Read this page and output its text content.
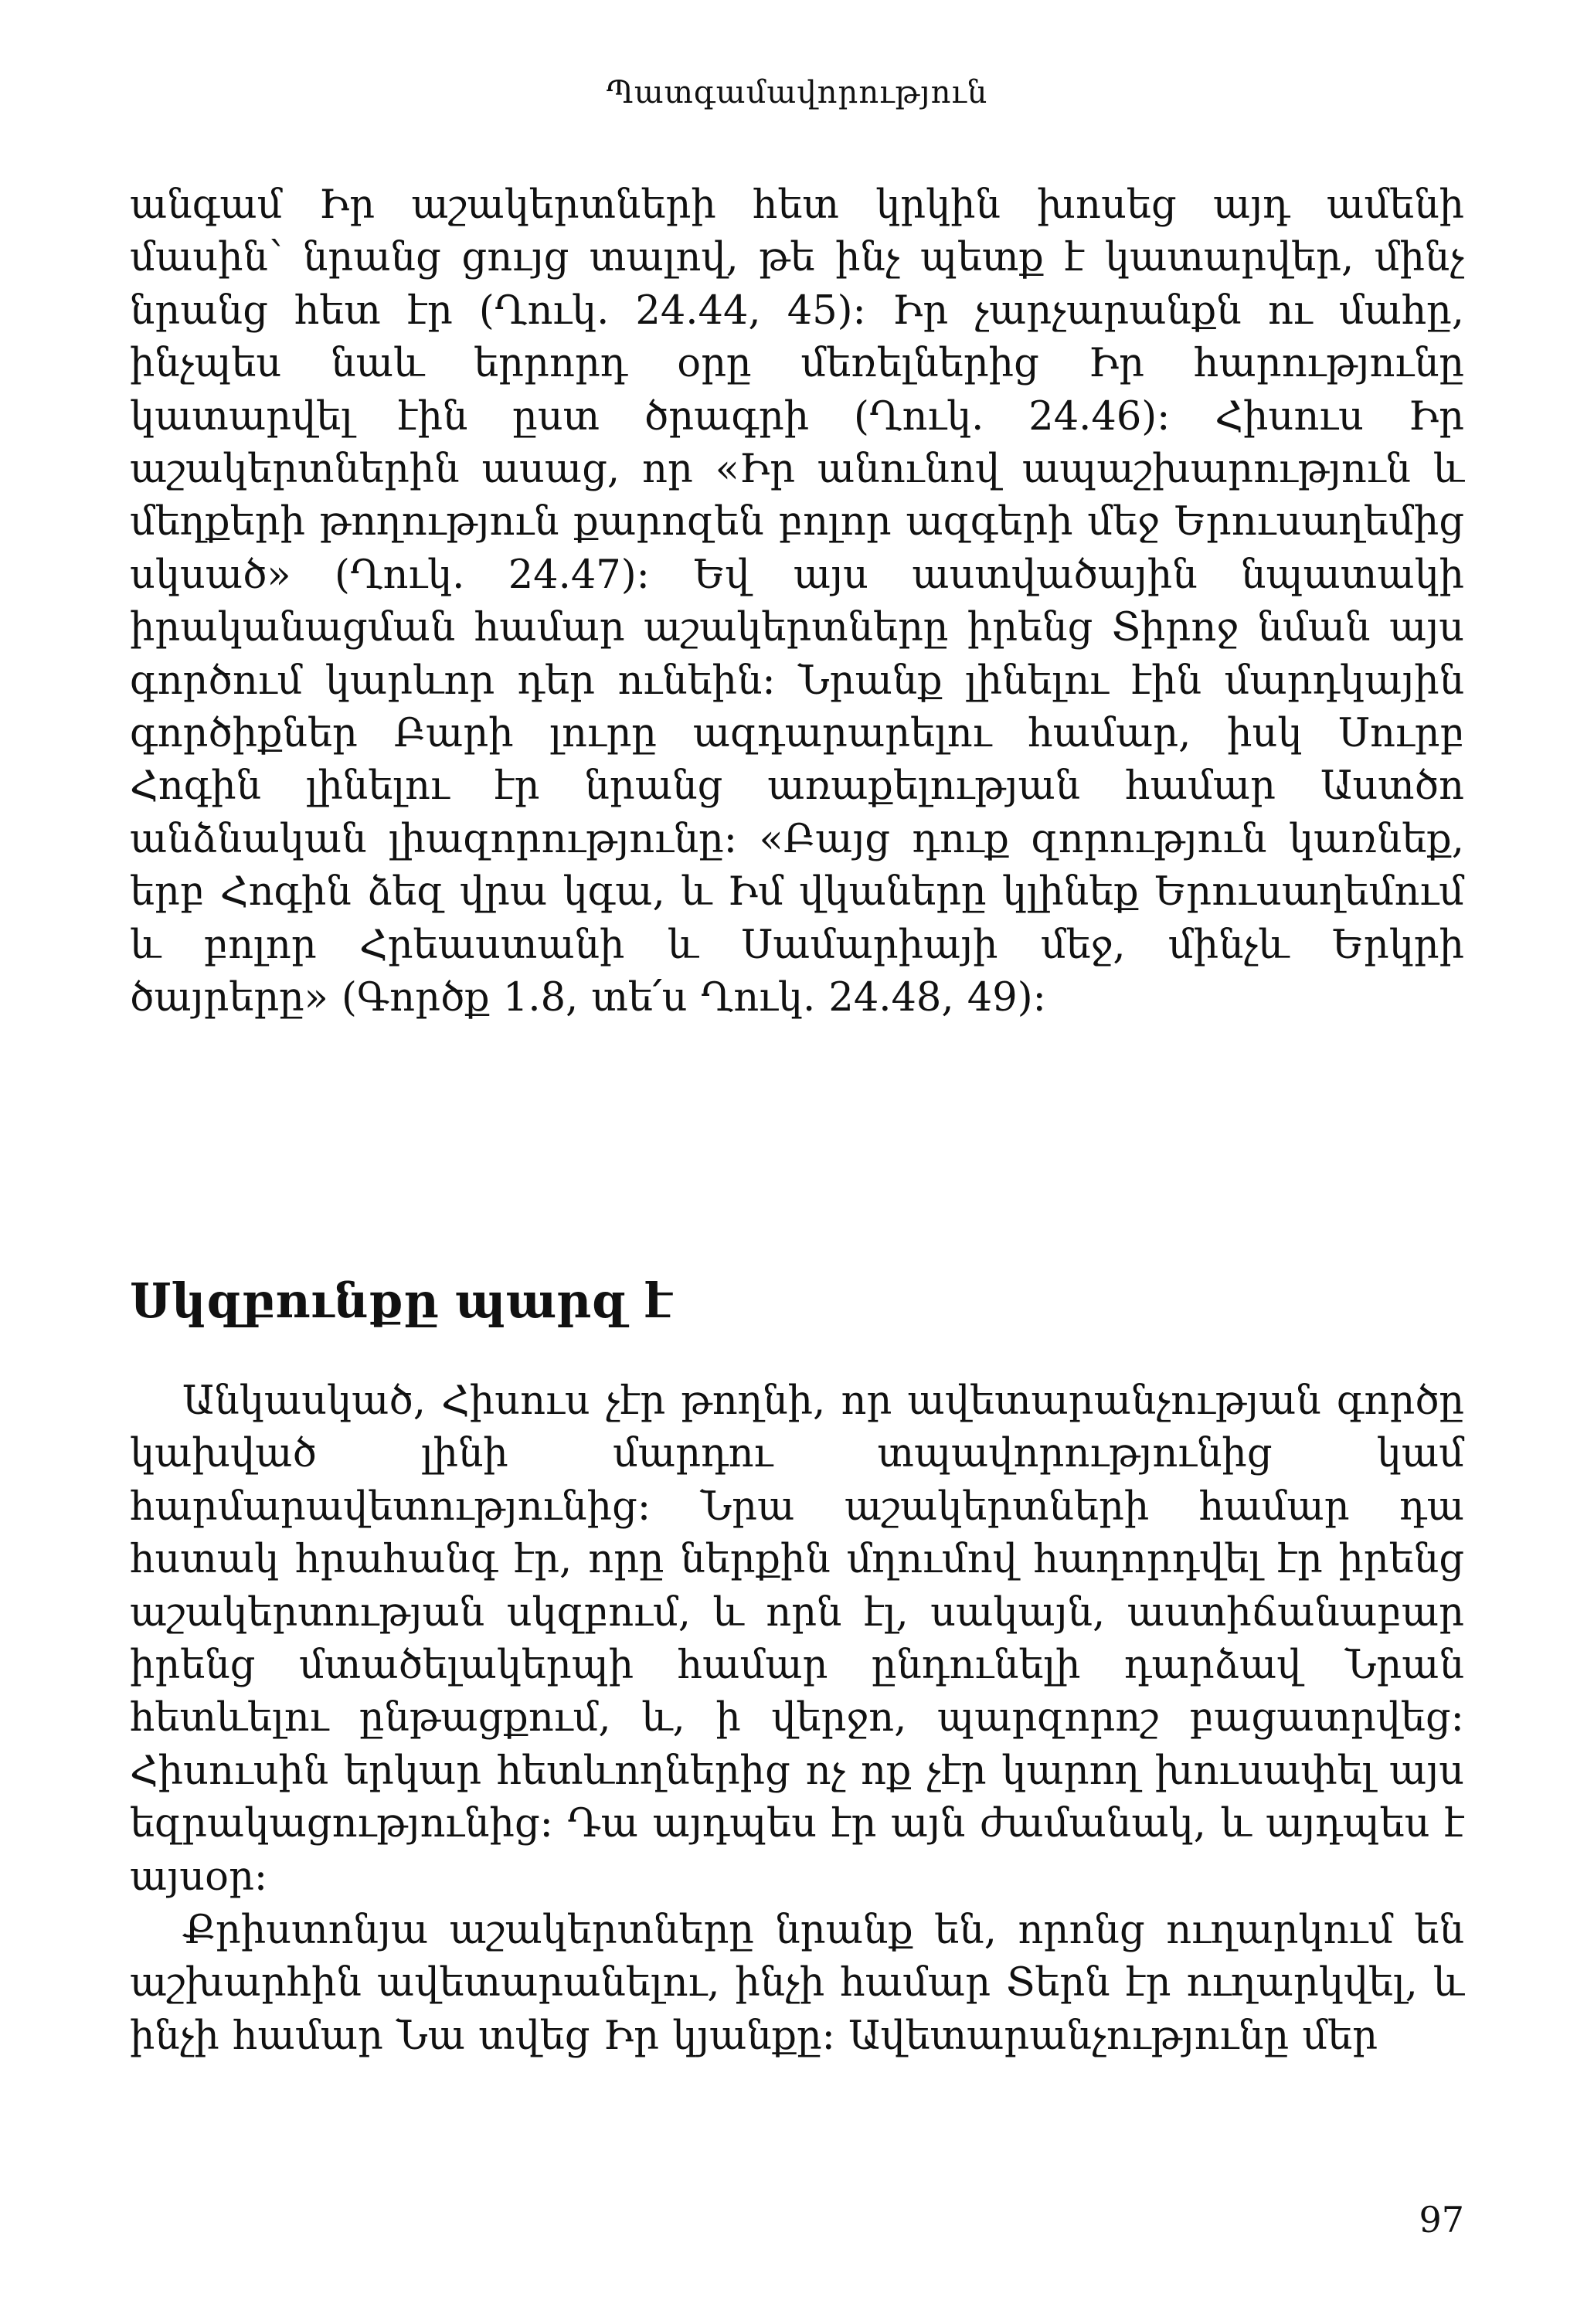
Պատգամավորություն

անգամ Իր աշակերտների հետ կրկին խոսեց այդ ամենի մասին՝ նրանց ցույց տալով, թե ինչ պետք է կատարվեր, մինչ նրանց հետ էր (Ղուկ. 24.44, 45)։ Իր չարչարանքն ու մահը, ինչպես նաև երրորդ օրը մեռելներից Իր հարությունը կատարվել էին ըստ ծրագրի (Ղուկ. 24.46)։ Հիսուս Իր աշակերտներին ասաց, որ «Իր անունով ապաշխարություն և մեղքերի թողություն քարոզեն բոլոր ազգերի մեջ Երուսաղեմից սկսած» (Ղուկ. 24.47)։ Եվ այս աստվածային նպատակի իրականացման համար աշակերտները իրենց Տիրոջ նման այս գործում կարևոր դեր ունեին։ Նրանք լինելու էին մարդկային գործիքներ Բարի լուրը ազդարարելու համար, իսկ Սուրբ Հոգին լինելու էր նրանց առաքելության համար Աստծո անձնական լիազորությունը։ «Բայց դուք զորություն կառնեք, երբ Հոգին ձեզ վրա կգա, և Իմ վկաները կլինեք Երուսաղեմում և բոլոր Հրեաստանի և Սամարիայի մեջ, մինչև Երկրի ծայրերը» (Գործք 1.8, տե՛ս Ղուկ. 24.48, 49)։

Սկզբունքը պարզ է

Անկասկած, Հիսուս չէր թողնի, որ ավետարանչության գործը կախված լինի մարդու տպավորությունից կամ հարմարավետությունից։ Նրա աշակերտների համար դա հստակ հրահանգ էր, որը ներքին մղումով հաղորդվել էր իրենց աշակերտության սկզբում, և որն էլ, սակայն, աստիճանաբար իրենց մտածելակերպի համար ընդունելի դարձավ Նրան հետևելու ընթացքում, և, ի վերջո, պարզորոշ բացատրվեց։ Հիսուսին երկար հետևողներից ոչ ոք չէր կարող խուսափել այս եզրակացությունից։ Դա այդպես էր այն ժամանակ, և այդպես է այսօր։

Քրիստոնյա աշակերտները նրանք են, որոնց ուղարկում են աշխարհին ավետարանելու, ինչի համար Տերն էր ուղարկվել, և ինչի համար Նա տվեց Իր կյանքը։ Ավետարանչությունը մեր

97
